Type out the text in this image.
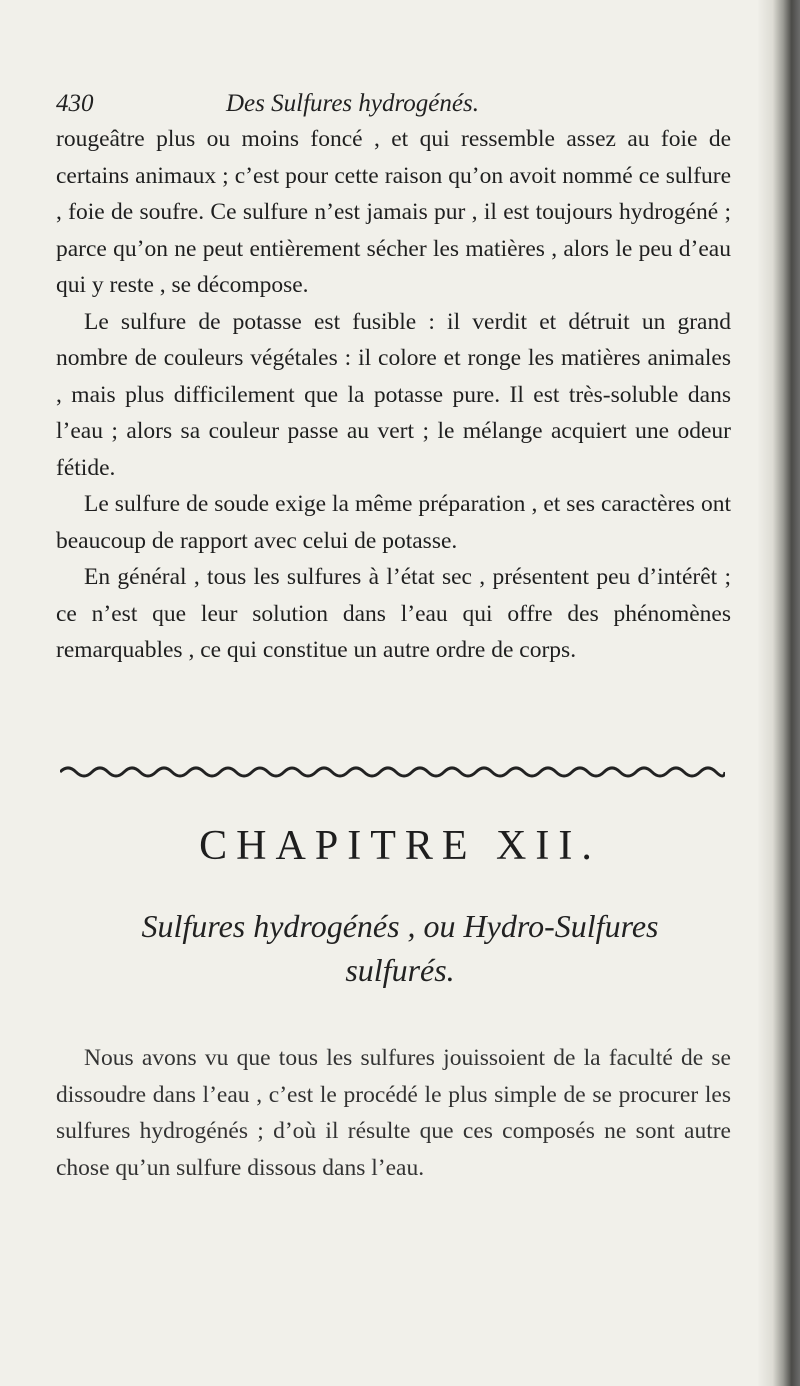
430	Des Sulfures hydrogénés.

rougeâtre plus ou moins foncé , et qui ressemble assez au foie de certains animaux ; c’est pour cette raison qu’on avoit nommé ce sulfure , foie de soufre. Ce sulfure n’est jamais pur , il est toujours hydrogéné ; parce qu’on ne peut entièrement sécher les matières , alors le peu d’eau qui y reste , se décompose.

Le sulfure de potasse est fusible : il verdit et détruit un grand nombre de couleurs végétales : il colore et ronge les matières animales , mais plus difficilement que la potasse pure. Il est très-soluble dans l’eau ; alors sa couleur passe au vert ; le mélange acquiert une odeur fétide.

Le sulfure de soude exige la même préparation , et ses caractères ont beaucoup de rapport avec celui de potasse.

En général , tous les sulfures à l’état sec , présentent peu d’intérêt ; ce n’est que leur solution dans l’eau qui offre des phénomènes remarquables , ce qui constitue un autre ordre de corps.

CHAPITRE XII.
Sulfures hydrogénés , ou Hydro-Sulfures
sulfurés.

Nous avons vu que tous les sulfures jouissoient de la faculté de se dissoudre dans l’eau , c’est le procédé le plus simple de se procurer les sulfures hydrogénés ; d’où il résulte que ces composés ne sont autre chose qu’un sulfure dissous dans l’eau.
